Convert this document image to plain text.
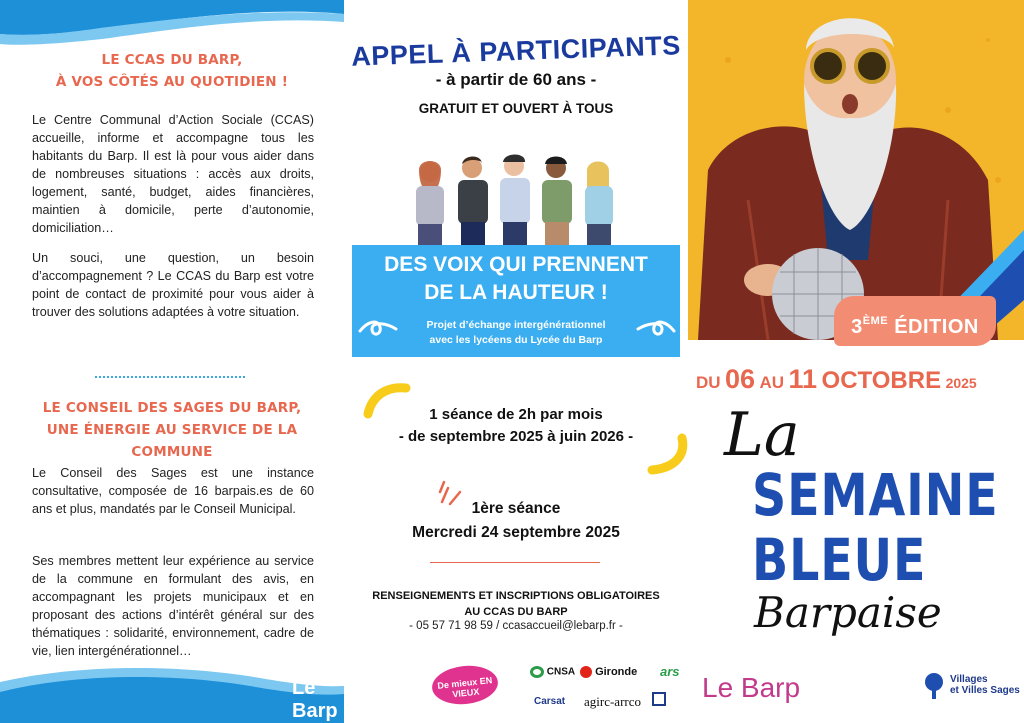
LE CCAS DU BARP,
À VOS CÔTÉS AU QUOTIDIEN !

Le Centre Communal d’Action Sociale (CCAS) accueille, informe et accompagne tous les habitants du Barp. Il est là pour vous aider dans de nombreuses situations : accès aux droits, logement, santé, budget, aides financières, maintien à domicile, perte d’autonomie, domiciliation…

Un souci, une question, un besoin d’accompagnement ? Le CCAS du Barp est votre point de contact de proximité pour vous aider à trouver des solutions adaptées à votre situation.

LE CONSEIL DES SAGES DU BARP,
UNE ÉNERGIE AU SERVICE DE LA COMMUNE

Le Conseil des Sages est une instance consultative, composée de 16 barpais.es de 60 ans et plus, mandatés par le Conseil Municipal.

Ses membres mettent leur expérience au service de la commune en formulant des avis, en accompagnant les projets municipaux et en proposant des actions d’intérêt général sur des thématiques : solidarité, environnement, cadre de vie, lien intergénérationnel…

Le Barp
APPEL À PARTICIPANTS
- à partir de 60 ans -
GRATUIT ET OUVERT À TOUS
DES VOIX QUI PRENNENT
DE LA HAUTEUR !
Projet d’échange intergénérationnel
avec les lycéens du Lycée du Barp
1 séance de 2h par mois
- de septembre 2025 à juin 2026 -
1ère séance
Mercredi 24 septembre 2025
RENSEIGNEMENTS ET INSCRIPTIONS OBLIGATOIRES
AU CCAS DU BARP
- 05 57 71 98 59 / ccasaccueil@lebarp.fr -
De mieux EN VIEUX
CNSA	Gironde ars
Carsat agirc-arrco
3ÈME ÉDITION
DU 06 AU 11 OCTOBRE 2025
La
SEMAINE
BLEUE
Barpaise
Le Barp	Villages
et Villes Sages
